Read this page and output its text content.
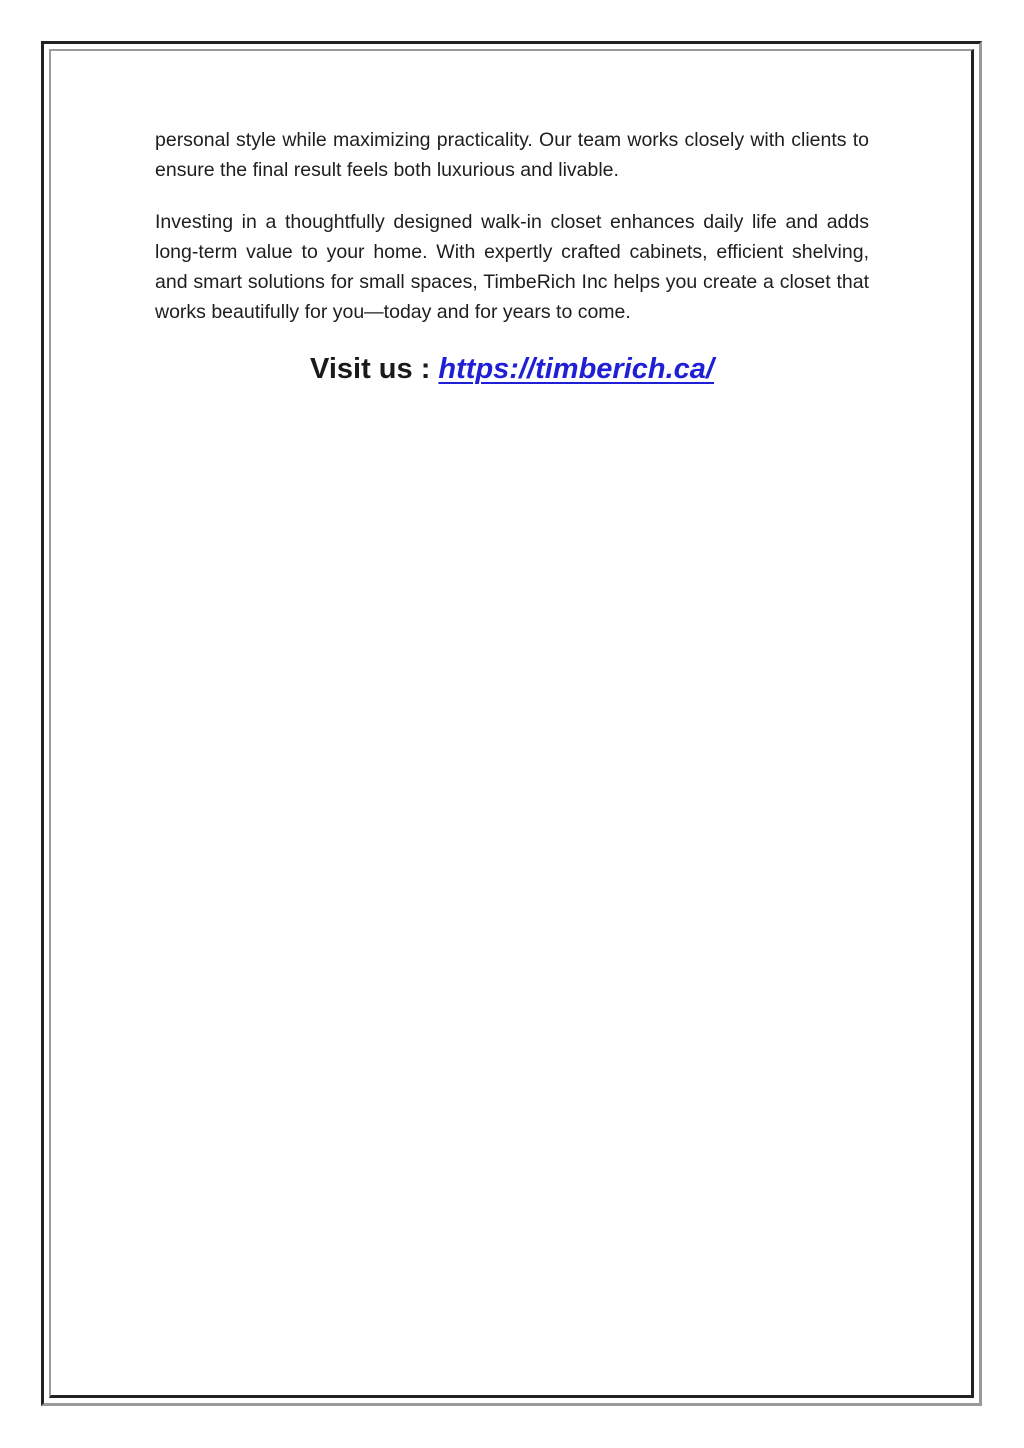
personal style while maximizing practicality. Our team works closely with clients to ensure the final result feels both luxurious and livable.

Investing in a thoughtfully designed walk-in closet enhances daily life and adds long-term value to your home. With expertly crafted cabinets, efficient shelving, and smart solutions for small spaces, TimbeRich Inc helps you create a closet that works beautifully for you—today and for years to come.

Visit us : https://timberich.ca/
